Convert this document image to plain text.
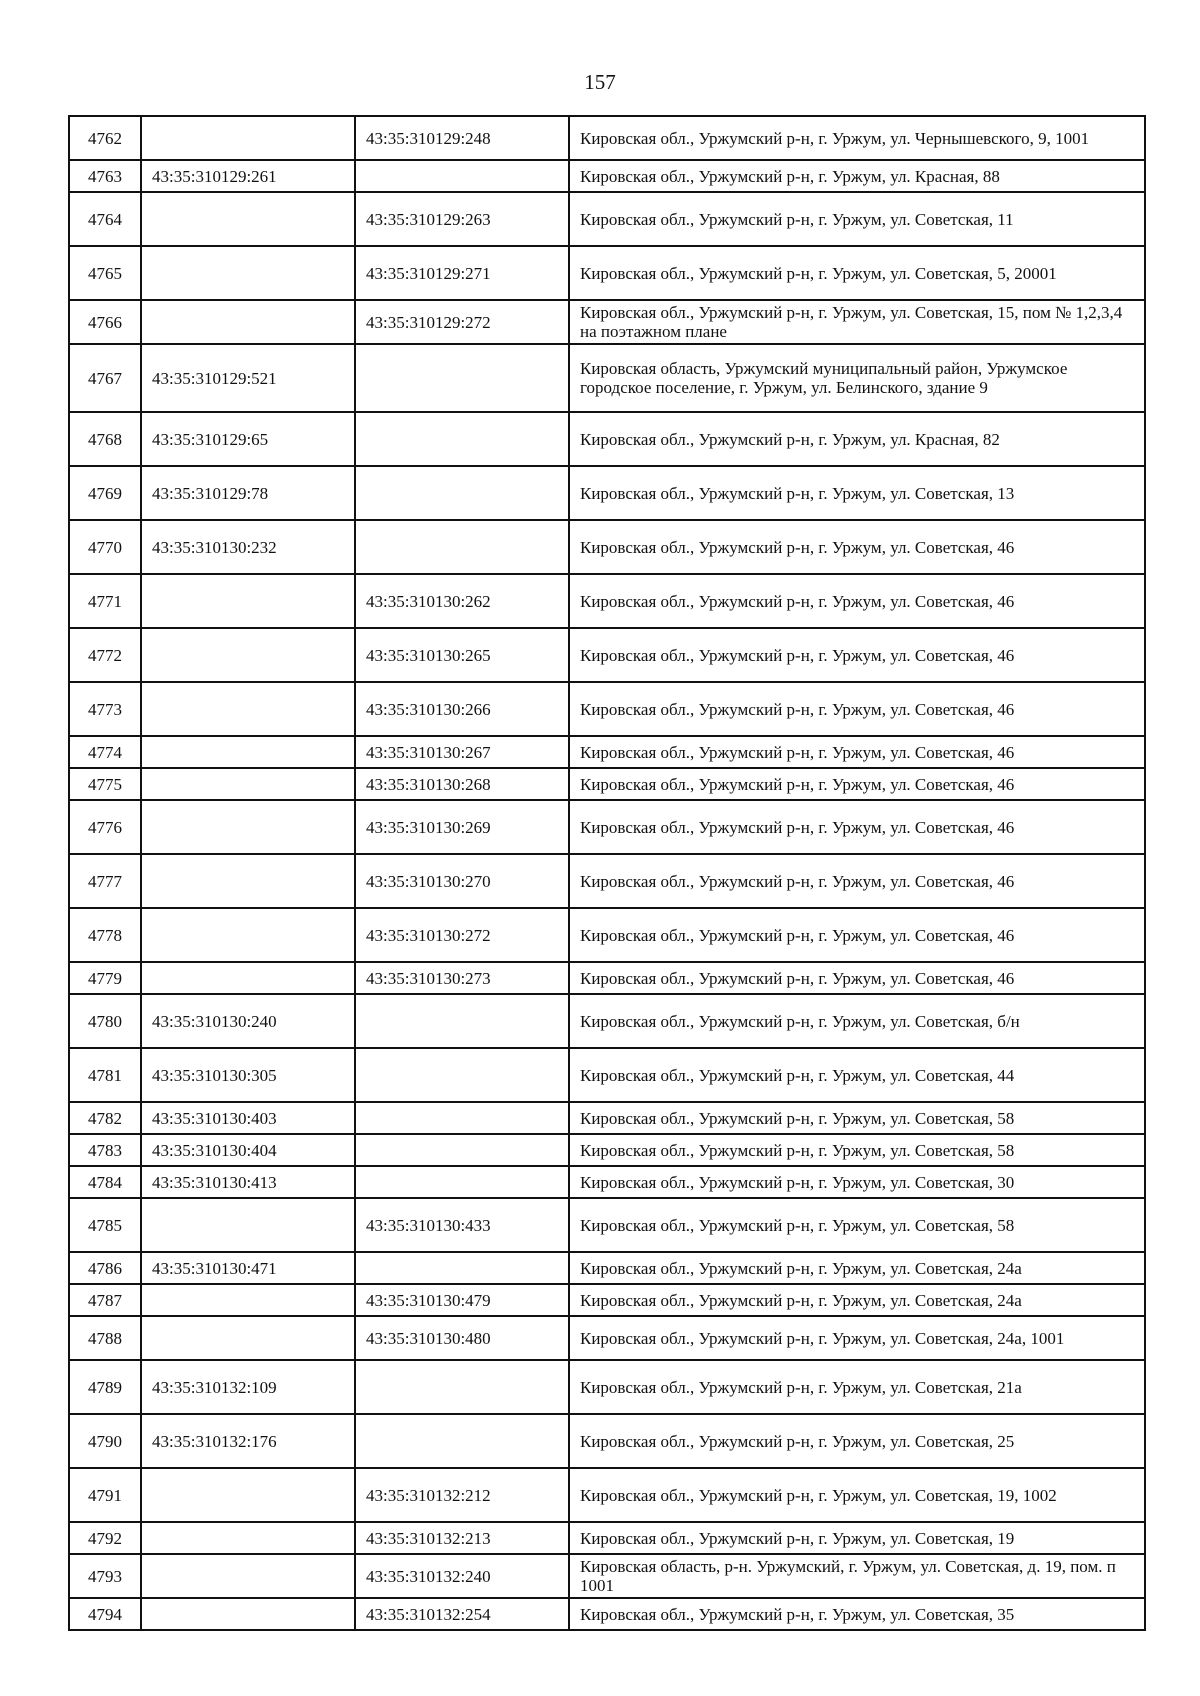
157
4762		43:35:310129:248	Кировская обл., Уржумский р-н, г. Уржум, ул. Чернышевского, 9, 1001
4763	43:35:310129:261		Кировская обл., Уржумский р-н, г. Уржум, ул. Красная, 88
4764		43:35:310129:263	Кировская обл., Уржумский р-н, г. Уржум, ул. Советская, 11
4765		43:35:310129:271	Кировская обл., Уржумский р-н, г. Уржум, ул. Советская, 5, 20001
4766		43:35:310129:272	Кировская обл., Уржумский р-н, г. Уржум, ул. Советская, 15, пом № 1,2,3,4 на поэтажном плане
4767	43:35:310129:521		Кировская область, Уржумский муниципальный район, Уржумское городское поселение, г. Уржум, ул. Белинского, здание 9
4768	43:35:310129:65		Кировская обл., Уржумский р-н, г. Уржум, ул. Красная, 82
4769	43:35:310129:78		Кировская обл., Уржумский р-н, г. Уржум, ул. Советская, 13
4770	43:35:310130:232		Кировская обл., Уржумский р-н, г. Уржум, ул. Советская, 46
4771		43:35:310130:262	Кировская обл., Уржумский р-н, г. Уржум, ул. Советская, 46
4772		43:35:310130:265	Кировская обл., Уржумский р-н, г. Уржум, ул. Советская, 46
4773		43:35:310130:266	Кировская обл., Уржумский р-н, г. Уржум, ул. Советская, 46
4774		43:35:310130:267	Кировская обл., Уржумский р-н, г. Уржум, ул. Советская, 46
4775		43:35:310130:268	Кировская обл., Уржумский р-н, г. Уржум, ул. Советская, 46
4776		43:35:310130:269	Кировская обл., Уржумский р-н, г. Уржум, ул. Советская, 46
4777		43:35:310130:270	Кировская обл., Уржумский р-н, г. Уржум, ул. Советская, 46
4778		43:35:310130:272	Кировская обл., Уржумский р-н, г. Уржум, ул. Советская, 46
4779		43:35:310130:273	Кировская обл., Уржумский р-н, г. Уржум, ул. Советская, 46
4780	43:35:310130:240		Кировская обл., Уржумский р-н, г. Уржум, ул. Советская, б/н
4781	43:35:310130:305		Кировская обл., Уржумский р-н, г. Уржум, ул. Советская, 44
4782	43:35:310130:403		Кировская обл., Уржумский р-н, г. Уржум, ул. Советская, 58
4783	43:35:310130:404		Кировская обл., Уржумский р-н, г. Уржум, ул. Советская, 58
4784	43:35:310130:413		Кировская обл., Уржумский р-н, г. Уржум, ул. Советская, 30
4785		43:35:310130:433	Кировская обл., Уржумский р-н, г. Уржум, ул. Советская, 58
4786	43:35:310130:471		Кировская обл., Уржумский р-н, г. Уржум, ул. Советская, 24а
4787		43:35:310130:479	Кировская обл., Уржумский р-н, г. Уржум, ул. Советская, 24а
4788		43:35:310130:480	Кировская обл., Уржумский р-н, г. Уржум, ул. Советская, 24а, 1001
4789	43:35:310132:109		Кировская обл., Уржумский р-н, г. Уржум, ул. Советская, 21а
4790	43:35:310132:176		Кировская обл., Уржумский р-н, г. Уржум, ул. Советская, 25
4791		43:35:310132:212	Кировская обл., Уржумский р-н, г. Уржум, ул. Советская, 19, 1002
4792		43:35:310132:213	Кировская обл., Уржумский р-н, г. Уржум, ул. Советская, 19
4793		43:35:310132:240	Кировская область, р-н. Уржумский, г. Уржум, ул. Советская, д. 19, пом. п 1001
4794		43:35:310132:254	Кировская обл., Уржумский р-н, г. Уржум, ул. Советская, 35
